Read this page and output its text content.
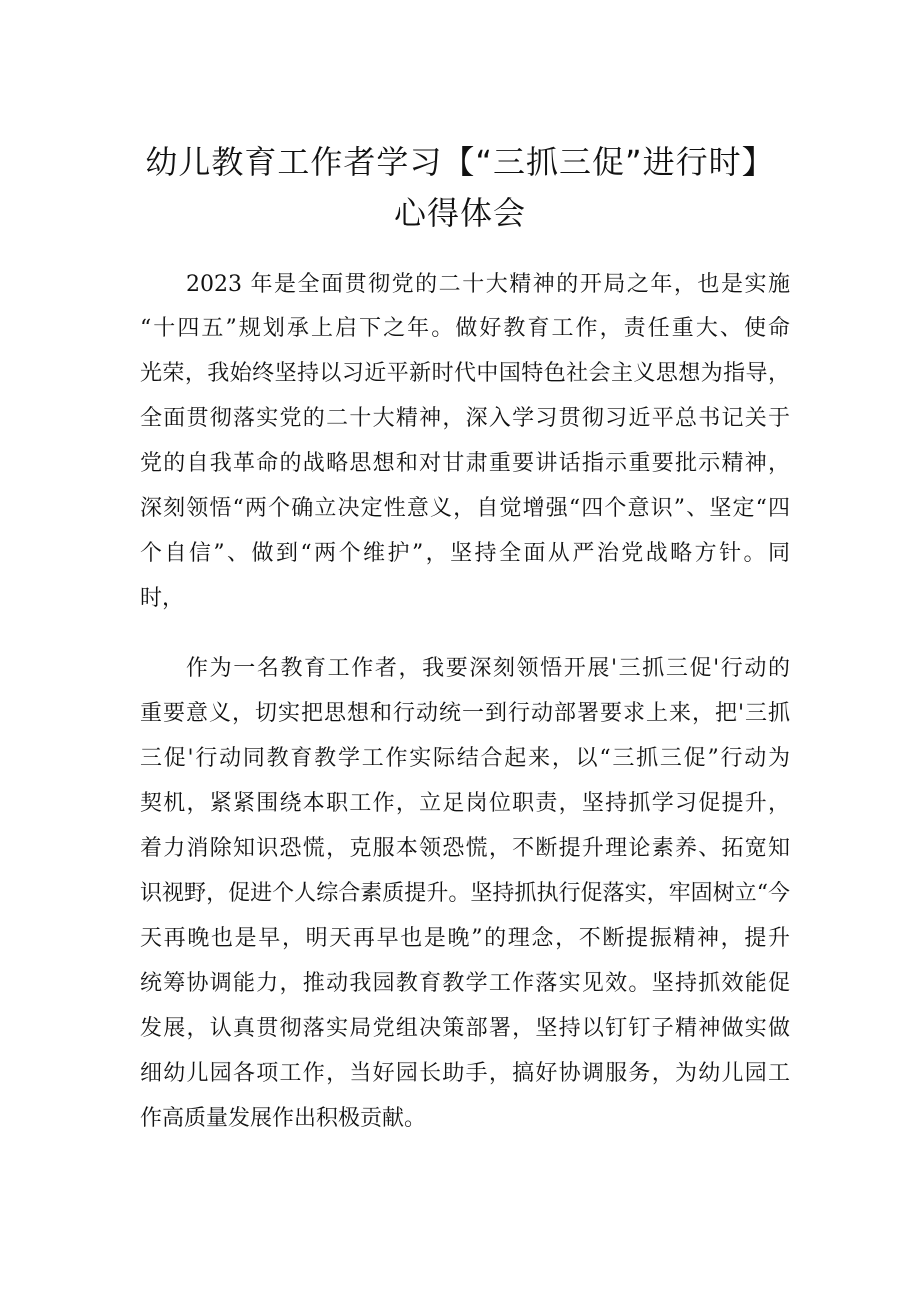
幼儿教育工作者学习【“三抓三促”进行时】
心得体会
2023 年是全面贯彻党的二十大精神的开局之年，也是实施
“十四五”规划承上启下之年。做好教育工作，责任重大、使命
光荣，我始终坚持以习近平新时代中国特色社会主义思想为指导，
全面贯彻落实党的二十大精神，深入学习贯彻习近平总书记关于
党的自我革命的战略思想和对甘肃重要讲话指示重要批示精神，
深刻领悟“两个确立决定性意义，自觉增强“四个意识”、坚定“四
个自信”、做到“两个维护”，坚持全面从严治党战略方针。同
时，
作为一名教育工作者，我要深刻领悟开展'三抓三促'行动的
重要意义，切实把思想和行动统一到行动部署要求上来，把'三抓
三促'行动同教育教学工作实际结合起来，以“三抓三促”行动为
契机，紧紧围绕本职工作，立足岗位职责，坚持抓学习促提升，
着力消除知识恐慌，克服本领恐慌，不断提升理论素养、拓宽知
识视野，促进个人综合素质提升。坚持抓执行促落实，牢固树立“今
天再晚也是早，明天再早也是晚”的理念，不断提振精神，提升
统筹协调能力，推动我园教育教学工作落实见效。坚持抓效能促
发展，认真贯彻落实局党组决策部署，坚持以钉钉子精神做实做
细幼儿园各项工作，当好园长助手，搞好协调服务，为幼儿园工
作高质量发展作出积极贡献。
